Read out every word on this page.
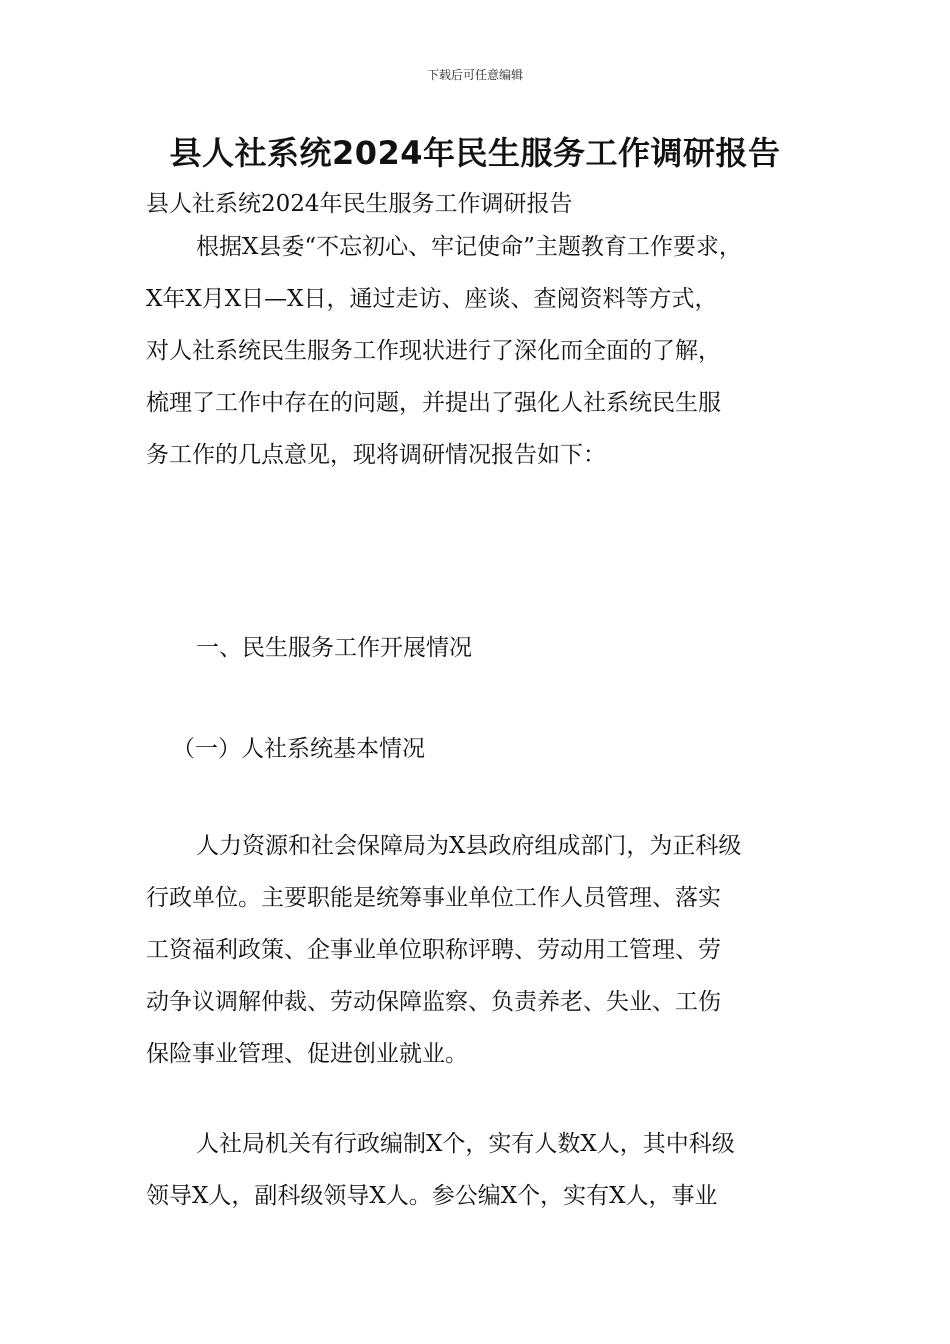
下载后可任意编辑
县人社系统2024年民生服务工作调研报告
县人社系统2024年民生服务工作调研报告
根据X县委“不忘初心、牢记使命”主题教育工作要求，
X年X月X日—X日，通过走访、座谈、查阅资料等方式，
对人社系统民生服务工作现状进行了深化而全面的了解，
梳理了工作中存在的问题，并提出了强化人社系统民生服
务工作的几点意见，现将调研情况报告如下：
一、民生服务工作开展情况
（一）人社系统基本情况
人力资源和社会保障局为X县政府组成部门，为正科级
行政单位。主要职能是统筹事业单位工作人员管理、落实
工资福利政策、企事业单位职称评聘、劳动用工管理、劳
动争议调解仲裁、劳动保障监察、负责养老、失业、工伤
保险事业管理、促进创业就业。
人社局机关有行政编制X个，实有人数X人，其中科级
领导X人，副科级领导X人。参公编X个，实有X人，事业
